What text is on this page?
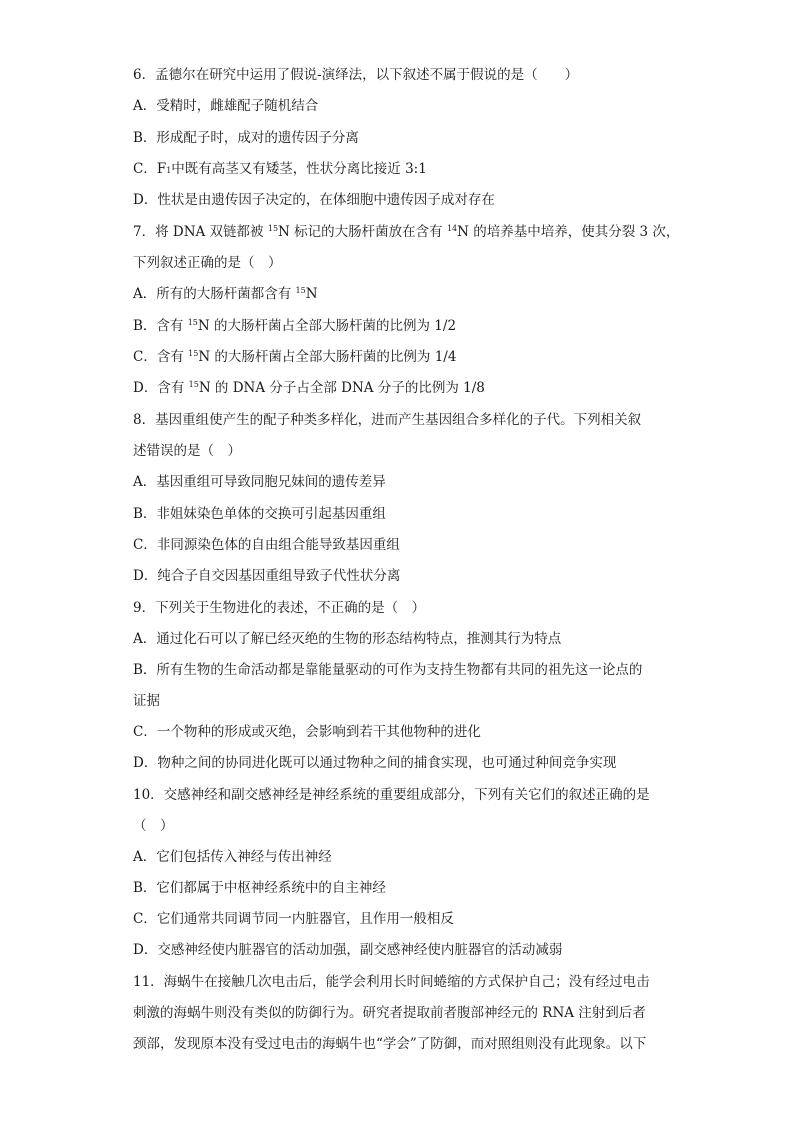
6．孟德尔在研究中运用了假说-演绎法，以下叙述不属于假说的是（　　）
A．受精时，雌雄配子随机结合
B．形成配子时，成对的遗传因子分离
C．F1中既有高茎又有矮茎，性状分离比接近 3:1
D．性状是由遗传因子决定的，在体细胞中遗传因子成对存在
7．将 DNA 双链都被 $^{15}$N 标记的大肠杆菌放在含有 $^{14}$N 的培养基中培养，使其分裂 3 次，
下列叙述正确的是（　）
A．所有的大肠杆菌都含有 $^{15}$N
B．含有 $^{15}$N 的大肠杆菌占全部大肠杆菌的比例为 1/2
C．含有 $^{15}$N 的大肠杆菌占全部大肠杆菌的比例为 1/4
D．含有 $^{15}$N 的 DNA 分子占全部 DNA 分子的比例为 1/8
8．基因重组使产生的配子种类多样化，进而产生基因组合多样化的子代。下列相关叙
述错误的是（　）
A．基因重组可导致同胞兄妹间的遗传差异
B．非姐妹染色单体的交换可引起基因重组
C．非同源染色体的自由组合能导致基因重组
D．纯合子自交因基因重组导致子代性状分离
9．下列关于生物进化的表述，不正确的是（　）
A．通过化石可以了解已经灭绝的生物的形态结构特点，推测其行为特点
B．所有生物的生命活动都是靠能量驱动的可作为支持生物都有共同的祖先这一论点的
证据
C．一个物种的形成或灭绝，会影响到若干其他物种的进化
D．物种之间的协同进化既可以通过物种之间的捕食实现，也可通过种间竞争实现
10．交感神经和副交感神经是神经系统的重要组成部分，下列有关它们的叙述正确的是
（　）
A．它们包括传入神经与传出神经
B．它们都属于中枢神经系统中的自主神经
C．它们通常共同调节同一内脏器官，且作用一般相反
D．交感神经使内脏器官的活动加强，副交感神经使内脏器官的活动减弱
11．海蜗牛在接触几次电击后，能学会利用长时间蜷缩的方式保护自己；没有经过电击
刺激的海蜗牛则没有类似的防御行为。研究者提取前者腹部神经元的 RNA 注射到后者
颈部，发现原本没有受过电击的海蜗牛也“学会”了防御，而对照组则没有此现象。以下
